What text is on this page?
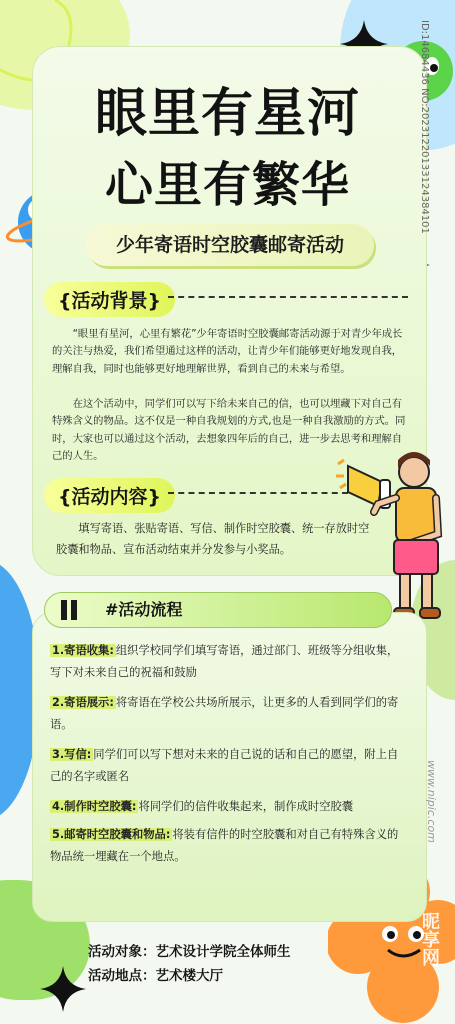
眼里有星河
心里有繁华
少年寄语时空胶囊邮寄活动
{活动背景}

“眼里有星河，心里有繁花”少年寄语时空胶囊邮寄活动源于对青少年成长的关注与热爱，我们希望通过这样的活动，让青少年们能够更好地发现自我，理解自我，同时也能够更好地理解世界，看到自己的未来与希望。

在这个活动中，同学们可以写下给未来自己的信，也可以埋藏下对自己有特殊含义的物品。这不仅是一种自我规划的方式,也是一种自我激励的方式。同时，大家也可以通过这个活动，去想象四年后的自己，进一步去思考和理解自己的人生。

{活动内容}

填写寄语、张贴寄语、写信、制作时空胶囊、统一存放时空胶囊和物品、宣布活动结束并分发参与小奖品。

#活动流程
1.寄语收集: 组织学校同学们填写寄语，通过部门、班级等分组收集，写下对未来自己的祝福和鼓励
2.寄语展示: 将寄语在学校公共场所展示，让更多的人看到同学们的寄语。
3.写信: 同学们可以写下想对未来的自己说的话和自己的愿望，附上自己的名字或匿名
4.制作时空胶囊: 将同学们的信件收集起来，制作成时空胶囊
5.邮寄时空胶囊和物品: 将装有信件的时空胶囊和对自己有特殊含义的物品统一埋藏在一个地点。
活动对象：艺术设计学院全体师生
活动地点：艺术楼大厅
ID:14684436 NO:20231220133124384101
www.nipic.com
昵享网
